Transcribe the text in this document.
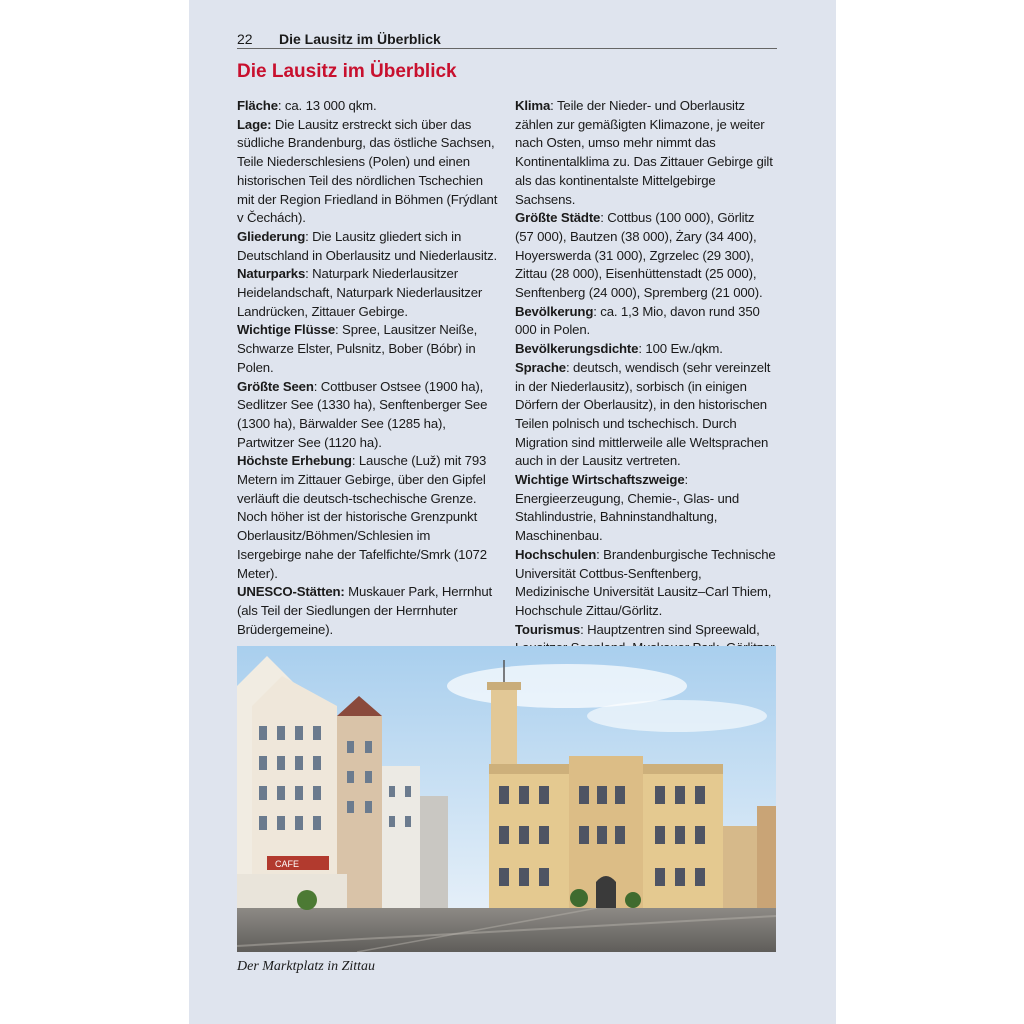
22 Die Lausitz im Überblick
Die Lausitz im Überblick

Fläche: ca. 13 000 qkm.

Lage: Die Lausitz erstreckt sich über das südliche Brandenburg, das östliche Sachsen, Teile Niederschlesiens (Polen) und einen historischen Teil des nördlichen Tschechien mit der Region Friedland in Böhmen (Frýdlant v Čechách).

Gliederung: Die Lausitz gliedert sich in Deutschland in Oberlausitz und Niederlausitz.

Naturparks: Naturpark Niederlausitzer Heidelandschaft, Naturpark Niederlausitzer Landrücken, Zittauer Gebirge.

Wichtige Flüsse: Spree, Lausitzer Neiße, Schwarze Elster, Pulsnitz, Bober (Bóbr) in Polen.

Größte Seen: Cottbuser Ostsee (1900 ha), Sedlitzer See (1330 ha), Senftenberger See (1300 ha), Bärwalder See (1285 ha), Partwitzer See (1120 ha).

Höchste Erhebung: Lausche (Luž) mit 793 Metern im Zittauer Gebirge, über den Gipfel verläuft die deutsch-tschechische Grenze. Noch höher ist der historische Grenzpunkt Oberlausitz/Böhmen/Schlesien im Isergebirge nahe der Tafelfichte/Smrk (1072 Meter).

UNESCO-Stätten: Muskauer Park, Herrnhut (als Teil der Siedlungen der Herrnhuter Brüdergemeine).

Klima: Teile der Nieder- und Oberlausitz zählen zur gemäßigten Klimazone, je weiter nach Osten, umso mehr nimmt das Kontinentalklima zu. Das Zittauer Gebirge gilt als das kontinentalste Mittelgebirge Sachsens.

Größte Städte: Cottbus (100 000), Görlitz (57 000), Bautzen (38 000), Żary (34 400), Hoyerswerda (31 000), Zgrzelec (29 300), Zittau (28 000), Eisenhüttenstadt (25 000), Senftenberg (24 000), Spremberg (21 000).

Bevölkerung: ca. 1,3 Mio, davon rund 350 000 in Polen.

Bevölkerungsdichte: 100 Ew./qkm.

Sprache: deutsch, wendisch (sehr vereinzelt in der Niederlausitz), sorbisch (in einigen Dörfern der Oberlausitz), in den historischen Teilen polnisch und tschechisch. Durch Migration sind mittlerweile alle Weltsprachen auch in der Lausitz vertreten.

Wichtige Wirtschaftszweige: Energieerzeugung, Chemie-, Glas- und Stahlindustrie, Bahninstandhaltung, Maschinenbau.

Hochschulen: Brandenburgische Technische Universität Cottbus-Senftenberg, Medizinische Universität Lausitz–Carl Thiem, Hochschule Zittau/Görlitz.

Tourismus: Hauptzentren sind Spreewald,

CAFE
Der Marktplatz in Zittau
